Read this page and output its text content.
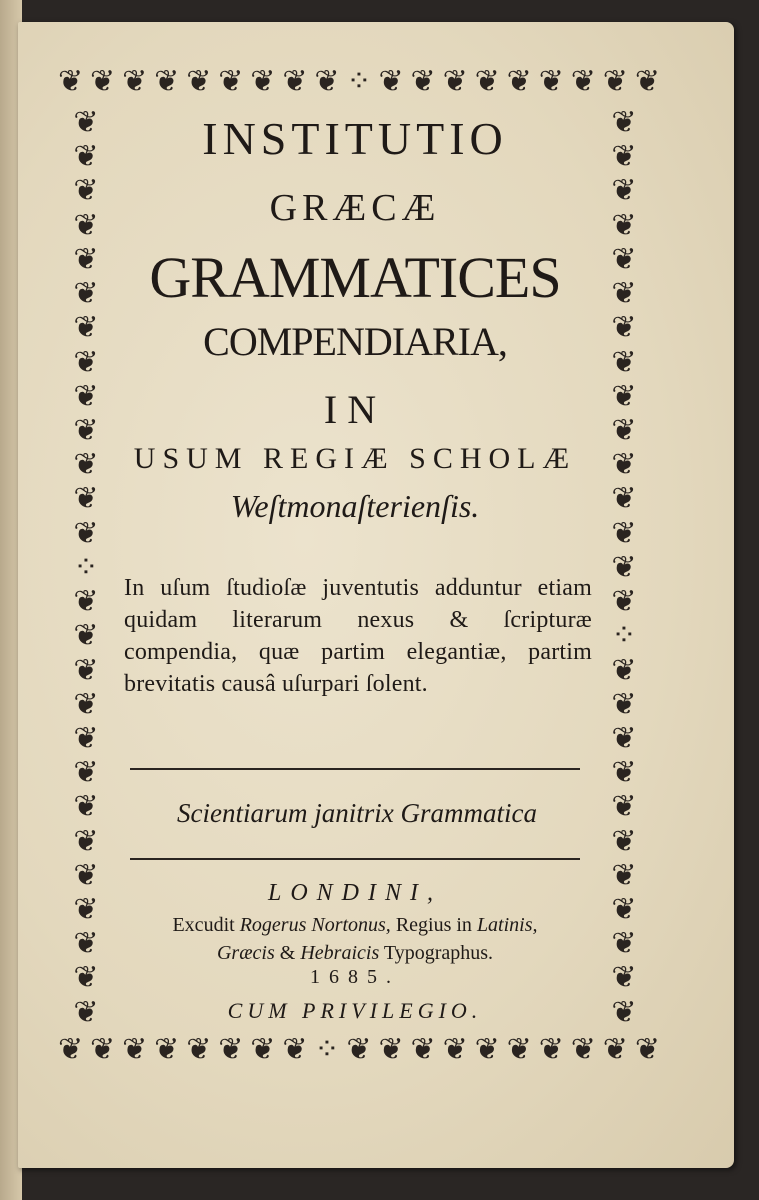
❦ ❦ ❦ ❦ ❦ ❦ ❦ ❦ ❦ ⁘ ❦ ❦ ❦ ❦ ❦ ❦ ❦ ❦ ❦
❦
❦
❦
❦
❦
❦
❦
❦
❦
❦
❦
❦
❦
⁘
❦
❦
❦
❦
❦
❦
❦
❦
❦
❦
❦
❦
❦
❦
❦
❦
❦
❦
❦
❦
❦
❦
❦
❦
❦
❦
❦
❦
⁘
❦
❦
❦
❦
❦
❦
❦
❦
❦
❦
❦
❦ ❦ ❦ ❦ ❦ ❦ ❦ ❦ ⁘ ❦ ❦ ❦ ❦ ❦ ❦ ❦ ❦ ❦ ❦
INSTITUTIO
GRÆCÆ
GRAMMATICES
COMPENDIARIA,
IN
USUM REGIÆ SCHOLÆ
Weſtmonaſterienſis.
In uſum ſtudioſæ juventutis adduntur etiam quidam literarum nexus & ſcripturæ compendia, quæ partim elegantiæ, partim brevitatis causâ uſurpari ſolent.
Scientiarum janitrix Grammatica
LONDINI,
Excudit Rogerus Nortonus, Regius in Latinis,
Græcis & Hebraicis Typographus.
1685.
CUM PRIVILEGIO.
